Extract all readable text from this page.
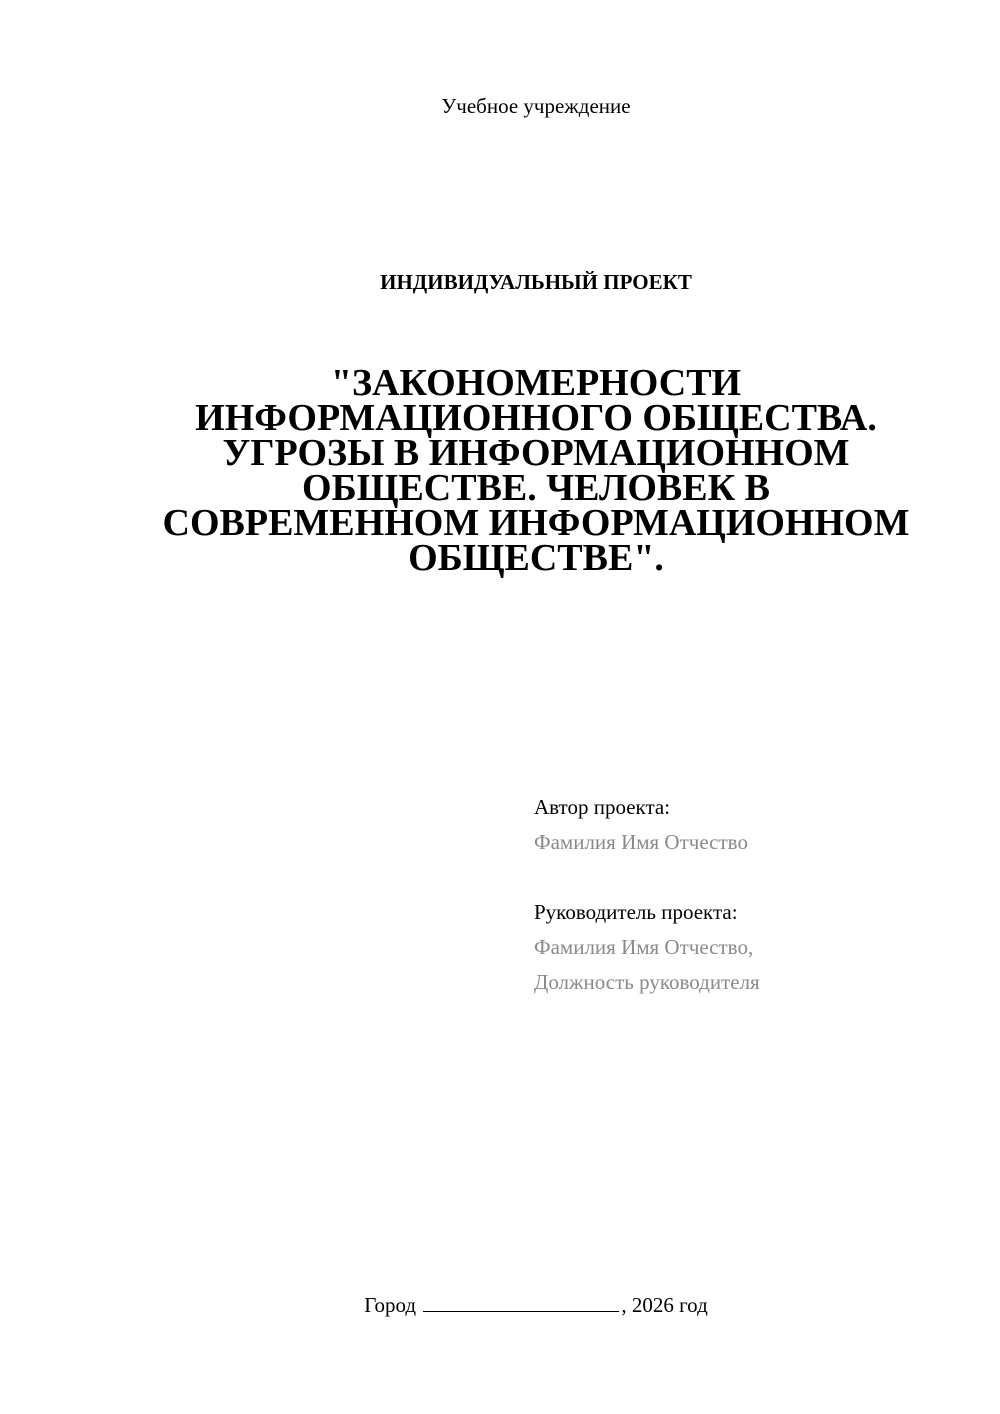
Учебное учреждение
ИНДИВИДУАЛЬНЫЙ ПРОЕКТ
"ЗАКОНОМЕРНОСТИ
ИНФОРМАЦИОННОГО ОБЩЕСТВА.
УГРОЗЫ В ИНФОРМАЦИОННОМ
ОБЩЕСТВЕ. ЧЕЛОВЕК В
СОВРЕМЕННОМ ИНФОРМАЦИОННОМ
ОБЩЕСТВЕ".
Автор проекта:
Фамилия Имя Отчество
Руководитель проекта:
Фамилия Имя Отчество,
Должность руководителя
Город	, 2026 год
